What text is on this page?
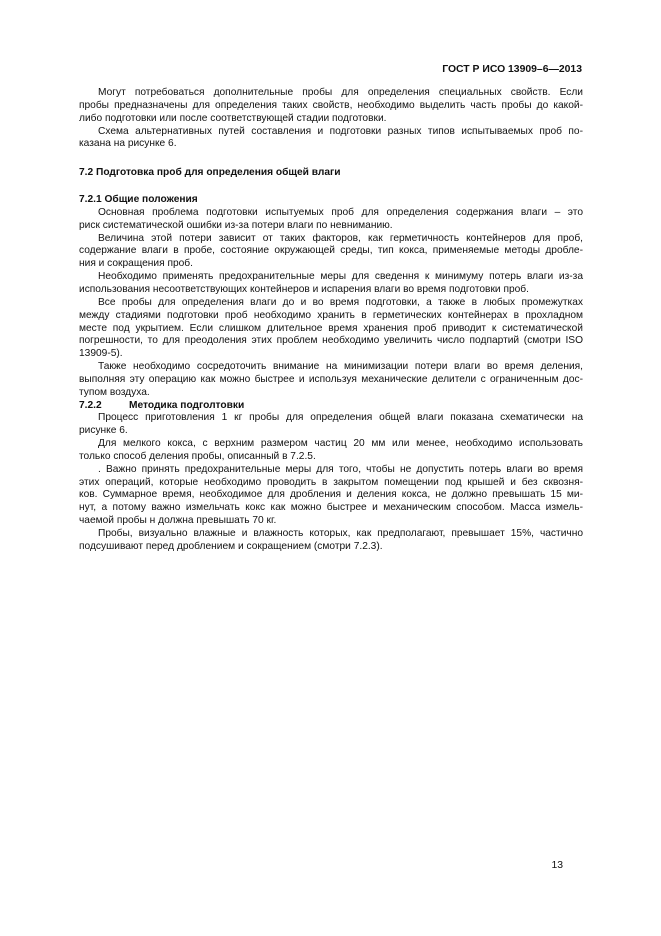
ГОСТ Р ИСО 13909–6—2013
Могут потребоваться дополнительные пробы для определения специальных свойств. Если
пробы предназначены для определения таких свойств, необходимо выделить часть пробы до какой-
либо подготовки или после соответствующей стадии подготовки.
Схема альтернативных путей составления и подготовки разных типов испытываемых проб по-
казана на рисунке 6.
7.2 Подготовка проб для определения общей влаги
7.2.1 Общие положения
Основная проблема подготовки испытуемых проб для определения содержания влаги – это
риск систематической ошибки из-за потери влаги по невниманию.
Величина этой потери зависит от таких факторов, как герметичность контейнеров для проб,
содержание влаги в пробе, состояние окружающей среды, тип кокса, применяемые методы дробле-
ния и сокращения проб.
Необходимо применять предохранительные меры для сведення к минимуму потерь влаги из-за
использования несоответствующих контейнеров и испарения влаги во время подготовки проб.
Все пробы для определения влаги до и во время подготовки, а также в любых промежутках
между стадиями подготовки проб необходимо хранить в герметических контейнерах в прохладном
месте под укрытием. Если слишком длительное время хранения проб приводит к систематической
погрешности, то для преодоления этих проблем необходимо увеличить число подпартий (смотри ISO
13909-5).
Также необходимо сосредоточить внимание на минимизации потери влаги во время деления,
выполняя эту операцию как можно быстрее и используя механические делители с ограниченным дос-
тупом воздуха.
7.2.2	Методика подголтовки
Процесс приготовления 1 кг пробы для определения общей влаги показана схематически на
рисунке 6.
Для мелкого кокса, с верхним размером частиц 20 мм или менее, необходимо использовать
только способ деления пробы, описанный в 7.2.5.
. Важно принять предохранительные меры для того, чтобы не допустить потерь влаги во время
этих операций, которые необходимо проводить в закрытом помещении под крышей и без сквозня-
ков. Суммарное время, необходимое для дробления и деления кокса, не должно превышать 15 ми-
нут, а потому важно измельчать кокс как можно быстрее и механическим способом. Масса измель-
чаемой пробы н должна превышать 70 кг.
Пробы, визуально влажные и влажность которых, как предполагают, превышает 15%, частично
подсушивают перед дроблением и сокращением (смотри 7.2.3).
13
